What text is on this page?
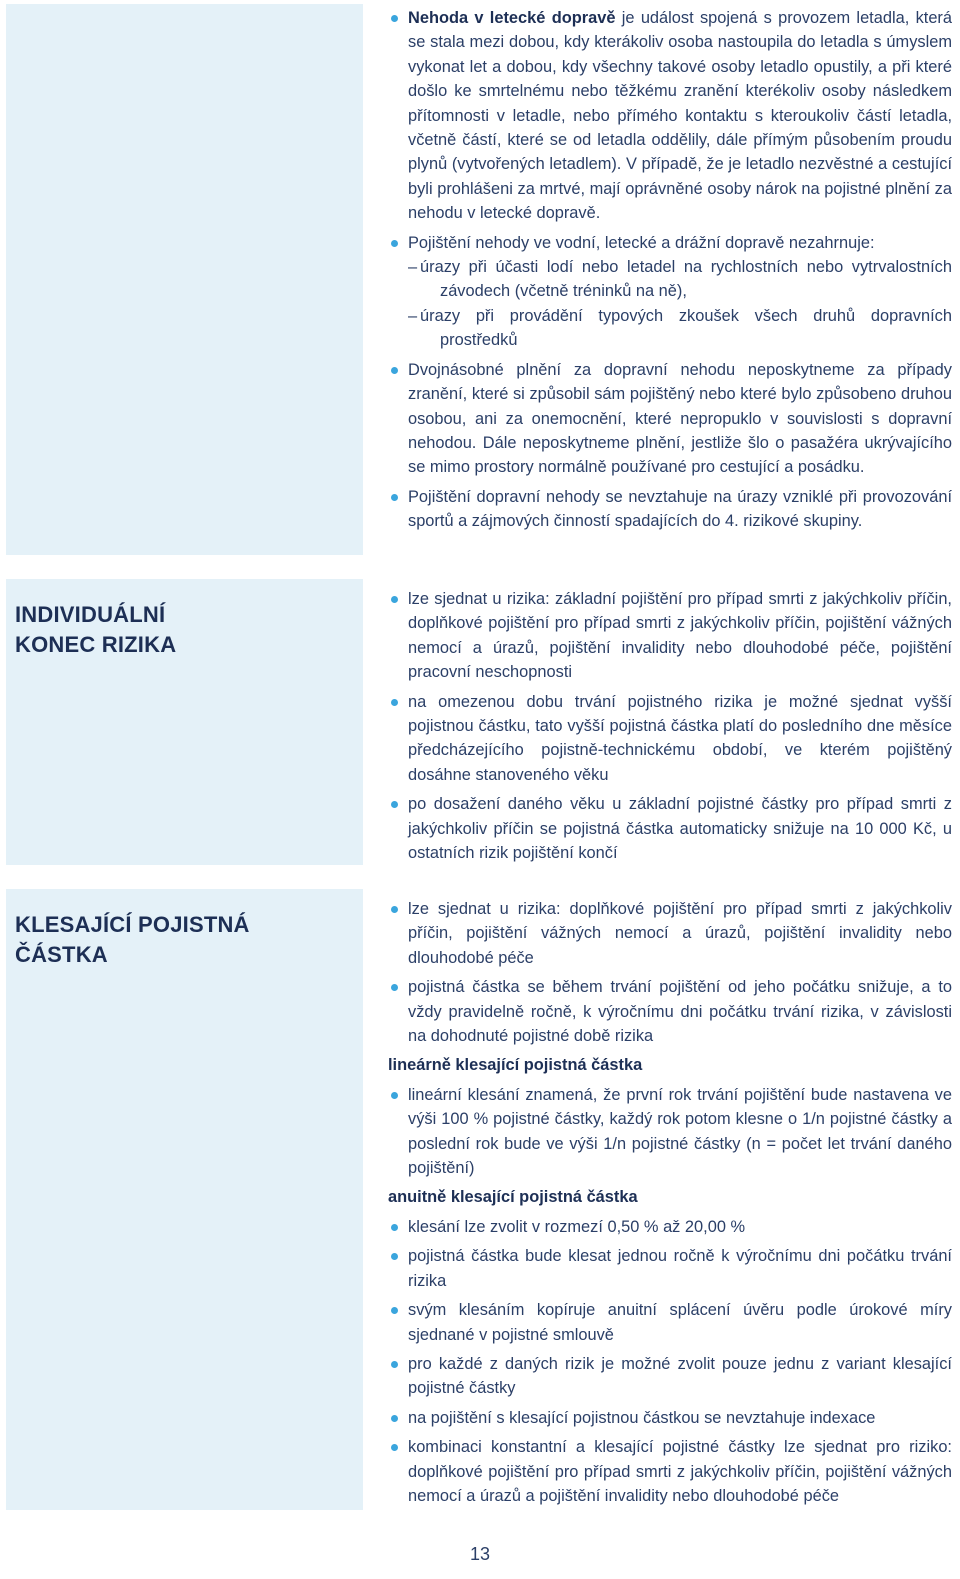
Nehoda v letecké dopravě je událost spojená s provozem letadla, která se stala mezi dobou, kdy kterákoliv osoba nastoupila do letadla s úmyslem vykonat let a dobou, kdy všechny takové osoby letadlo opustily, a při které došlo ke smrtelnému nebo těžkému zranění kterékoliv osoby následkem přítomnosti v letadle, nebo přímého kontaktu s kteroukoliv částí letadla, včetně částí, které se od letadla oddělily, dále přímým působením proudu plynů (vytvořených letadlem). V případě, že je letadlo nezvěstné a cestující byli prohlášeni za mrtvé, mají oprávněné osoby nárok na pojistné plnění za nehodu v letecké dopravě.
Pojištění nehody ve vodní, letecké a drážní dopravě nezahrnuje:
– úrazy při účasti lodí nebo letadel na rychlostních nebo vytrvalostních závodech (včetně tréninků na ně),
– úrazy při provádění typových zkoušek všech druhů dopravních prostředků
Dvojnásobné plnění za dopravní nehodu neposkytneme za případy zranění, které si způsobil sám pojištěný nebo které bylo způsobeno druhou osobou, ani za onemocnění, které nepropuklo v souvislosti s dopravní nehodou. Dále neposkytneme plnění, jestliže šlo o pasažéra ukrývajícího se mimo prostory normálně používané pro cestující a posádku.
Pojištění dopravní nehody se nevztahuje na úrazy vzniklé při provozování sportů a zájmových činností spadajících do 4. rizikové skupiny.
INDIVIDUÁLNÍ
KONEC RIZIKA
lze sjednat u rizika: základní pojištění pro případ smrti z jakýchkoliv příčin, doplňkové pojištění pro případ smrti z jakýchkoliv příčin, pojištění vážných nemocí a úrazů, pojištění invalidity nebo dlouhodobé péče, pojištění pracovní neschopnosti
na omezenou dobu trvání pojistného rizika je možné sjednat vyšší pojistnou částku, tato vyšší pojistná částka platí do posledního dne měsíce předcházejícího pojistně-technickému období, ve kterém pojištěný dosáhne stanoveného věku
po dosažení daného věku u základní pojistné částky pro případ smrti z jakýchkoliv příčin se pojistná částka automaticky snižuje na 10 000 Kč, u ostatních rizik pojištění končí
KLESAJÍCÍ POJISTNÁ
ČÁSTKA
lze sjednat u rizika: doplňkové pojištění pro případ smrti z jakýchkoliv příčin, pojištění vážných nemocí a úrazů, pojištění invalidity nebo dlouhodobé péče
pojistná částka se během trvání pojištění od jeho počátku snižuje, a to vždy pravidelně ročně, k výročnímu dni počátku trvání rizika, v závislosti na dohodnuté pojistné době rizika
lineárně klesající pojistná částka
lineární klesání znamená, že první rok trvání pojištění bude nastavena ve výši 100 % pojistné částky, každý rok potom klesne o 1/n pojistné částky a poslední rok bude ve výši 1/n pojistné částky (n = počet let trvání daného pojištění)
anuitně klesající pojistná částka
klesání lze zvolit v rozmezí 0,50 % až 20,00 %
pojistná částka bude klesat jednou ročně k výročnímu dni počátku trvání rizika
svým klesáním kopíruje anuitní splácení úvěru podle úrokové míry sjednané v pojistné smlouvě
pro každé z daných rizik je možné zvolit pouze jednu z variant klesající pojistné částky
na pojištění s klesající pojistnou částkou se nevztahuje indexace
kombinaci konstantní a klesající pojistné částky lze sjednat pro riziko: doplňkové pojištění pro případ smrti z jakýchkoliv příčin, pojištění vážných nemocí a úrazů a pojištění invalidity nebo dlouhodobé péče
13
